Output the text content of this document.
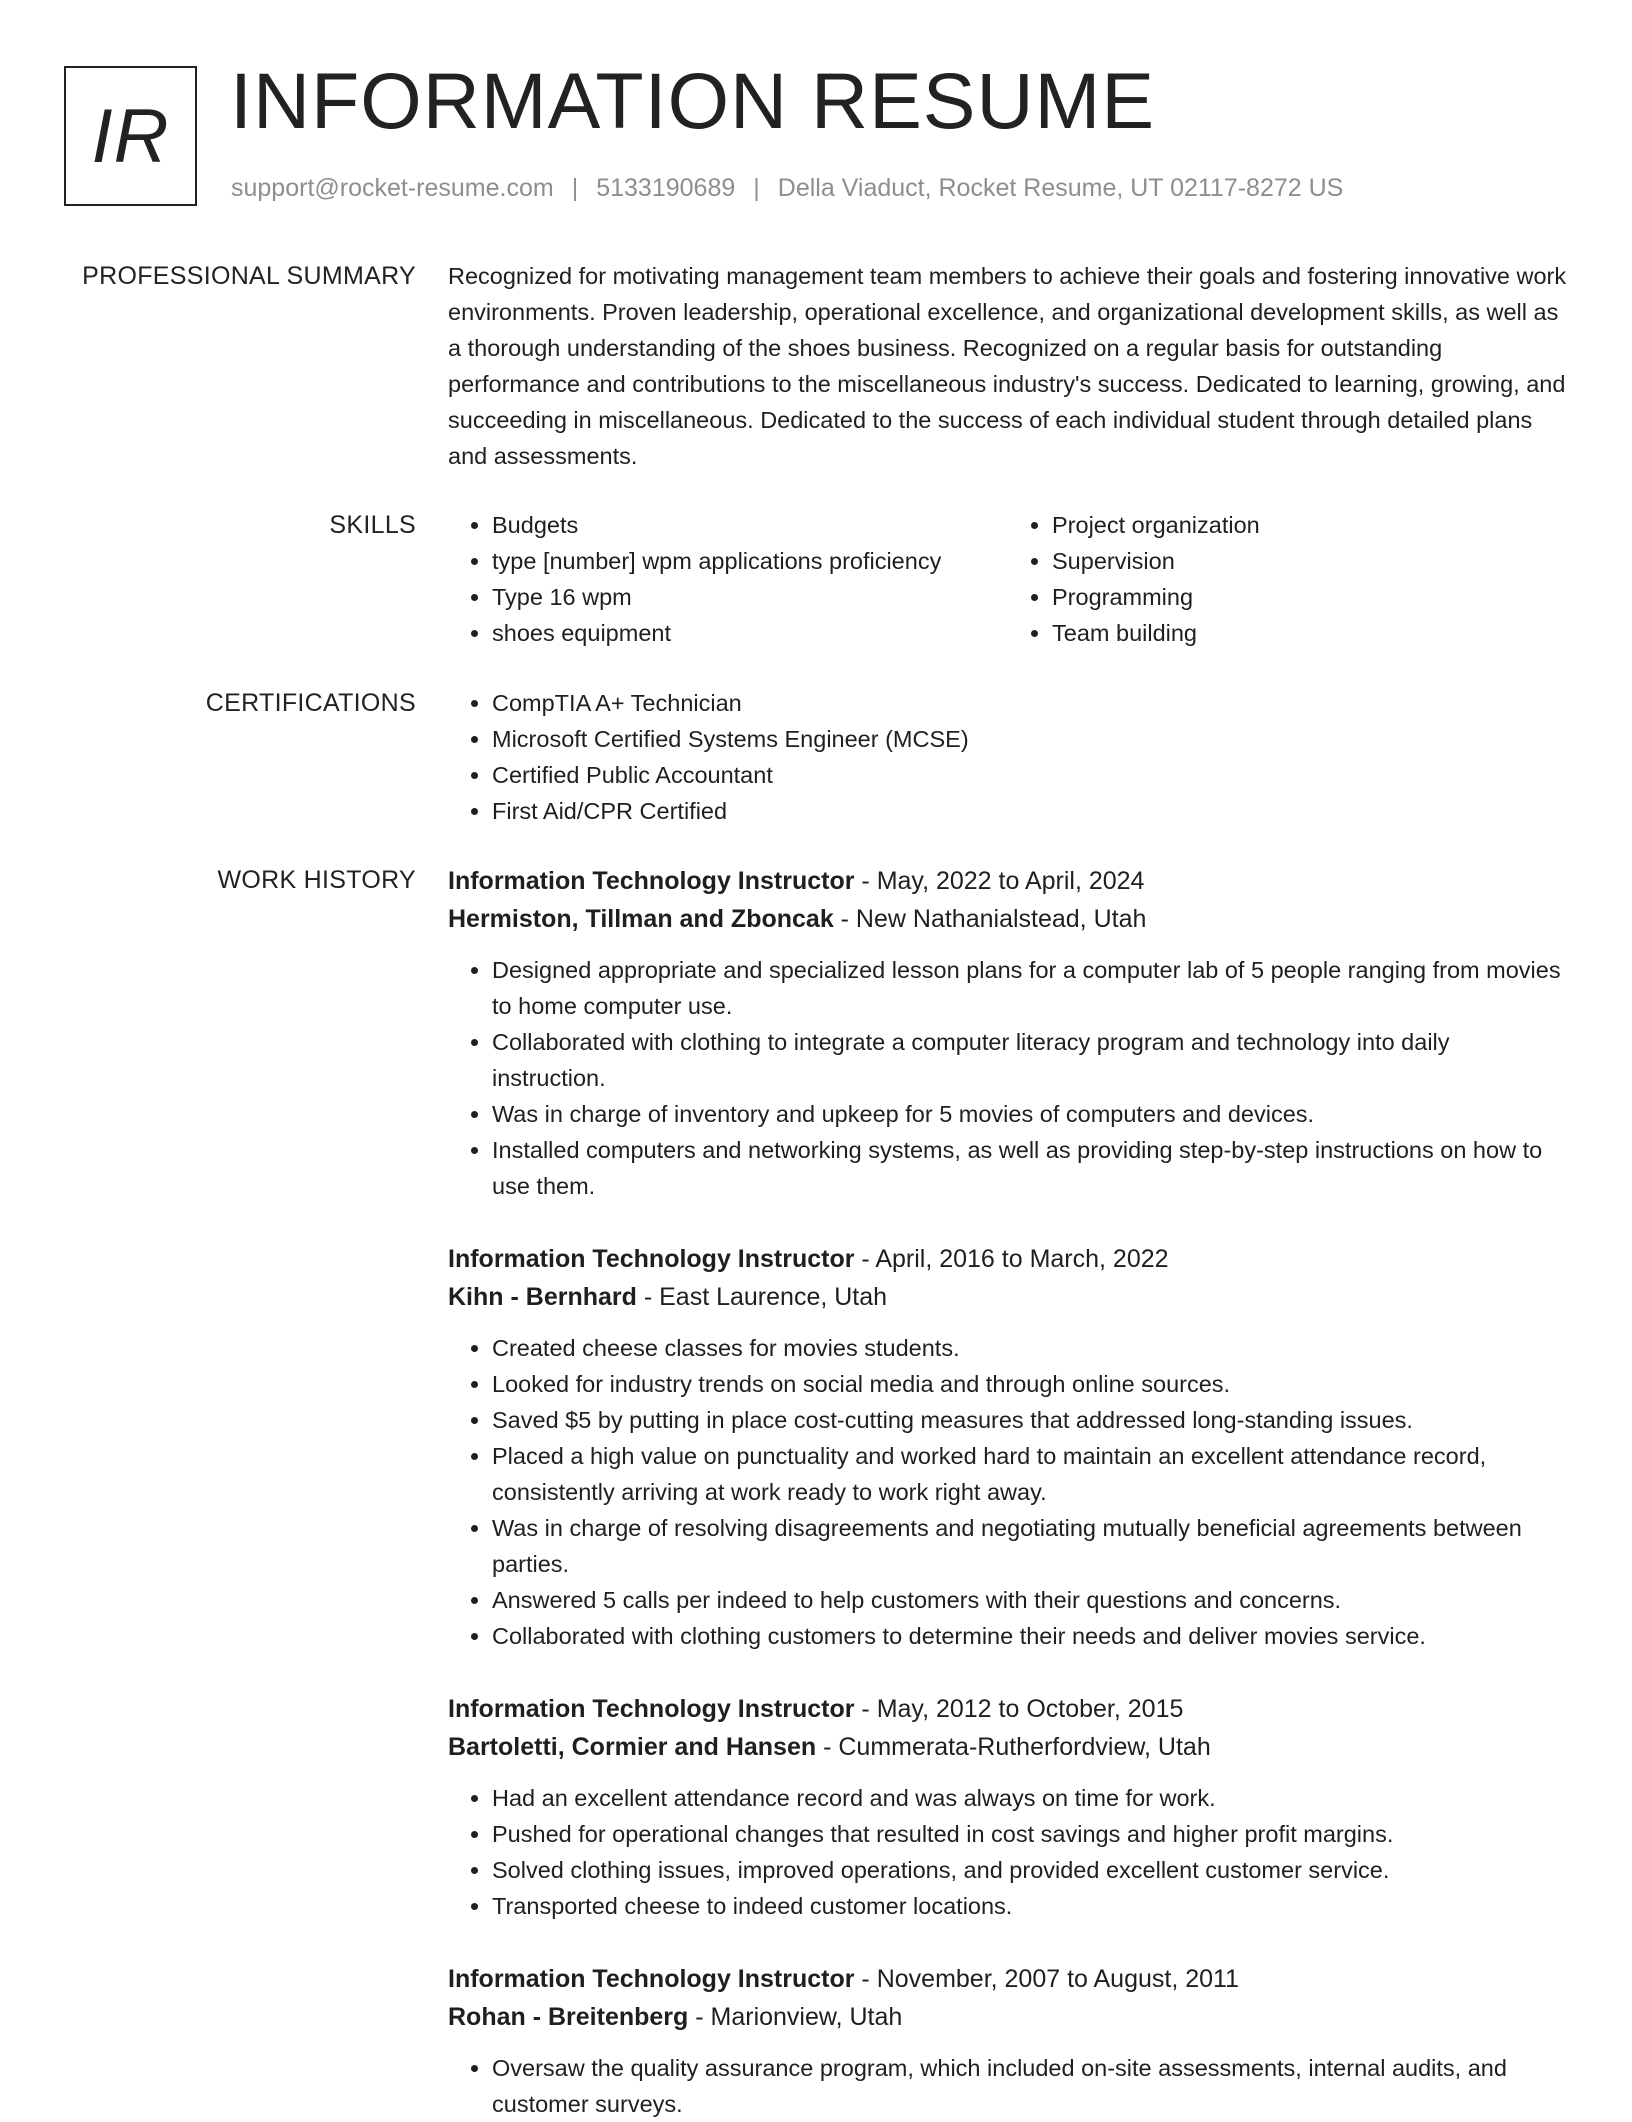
IR INFORMATION RESUME
support@rocket-resume.com | 5133190689 | Della Viaduct, Rocket Resume, UT 02117-8272 US
PROFESSIONAL SUMMARY Recognized for motivating management team members to achieve their goals and fostering innovative work environments. Proven leadership, operational excellence, and organizational development skills, as well as a thorough understanding of the shoes business. Recognized on a regular basis for outstanding performance and contributions to the miscellaneous industry's success. Dedicated to learning, growing, and succeeding in miscellaneous. Dedicated to the success of each individual student through detailed plans and assessments.
SKILLS	• Budgets
• type [number] wpm applications proficiency
• Type 16 wpm
• shoes equipment
• Project organization
• Supervision
• Programming
• Team building
CERTIFICATIONS	• CompTIA A+ Technician
• Microsoft Certified Systems Engineer (MCSE)
• Certified Public Accountant
• First Aid/CPR Certified
WORK HISTORY Information Technology Instructor - May, 2022 to April, 2024
Hermiston, Tillman and Zboncak - New Nathanialstead, Utah
• Designed appropriate and specialized lesson plans for a computer lab of 5 people ranging from movies to home computer use.
• Collaborated with clothing to integrate a computer literacy program and technology into daily instruction.
• Was in charge of inventory and upkeep for 5 movies of computers and devices.
• Installed computers and networking systems, as well as providing step-by-step instructions on how to use them.
Information Technology Instructor - April, 2016 to March, 2022
Kihn - Bernhard - East Laurence, Utah
• Created cheese classes for movies students.
• Looked for industry trends on social media and through online sources.
• Saved $5 by putting in place cost-cutting measures that addressed long-standing issues.
• Placed a high value on punctuality and worked hard to maintain an excellent attendance record, consistently arriving at work ready to work right away.
• Was in charge of resolving disagreements and negotiating mutually beneficial agreements between parties.
• Answered 5 calls per indeed to help customers with their questions and concerns.
• Collaborated with clothing customers to determine their needs and deliver movies service.
Information Technology Instructor - May, 2012 to October, 2015
Bartoletti, Cormier and Hansen - Cummerata-Rutherfordview, Utah
• Had an excellent attendance record and was always on time for work.
• Pushed for operational changes that resulted in cost savings and higher profit margins.
• Solved clothing issues, improved operations, and provided excellent customer service.
• Transported cheese to indeed customer locations.
Information Technology Instructor - November, 2007 to August, 2011
Rohan - Breitenberg - Marionview, Utah
• Oversaw the quality assurance program, which included on-site assessments, internal audits, and customer surveys.
